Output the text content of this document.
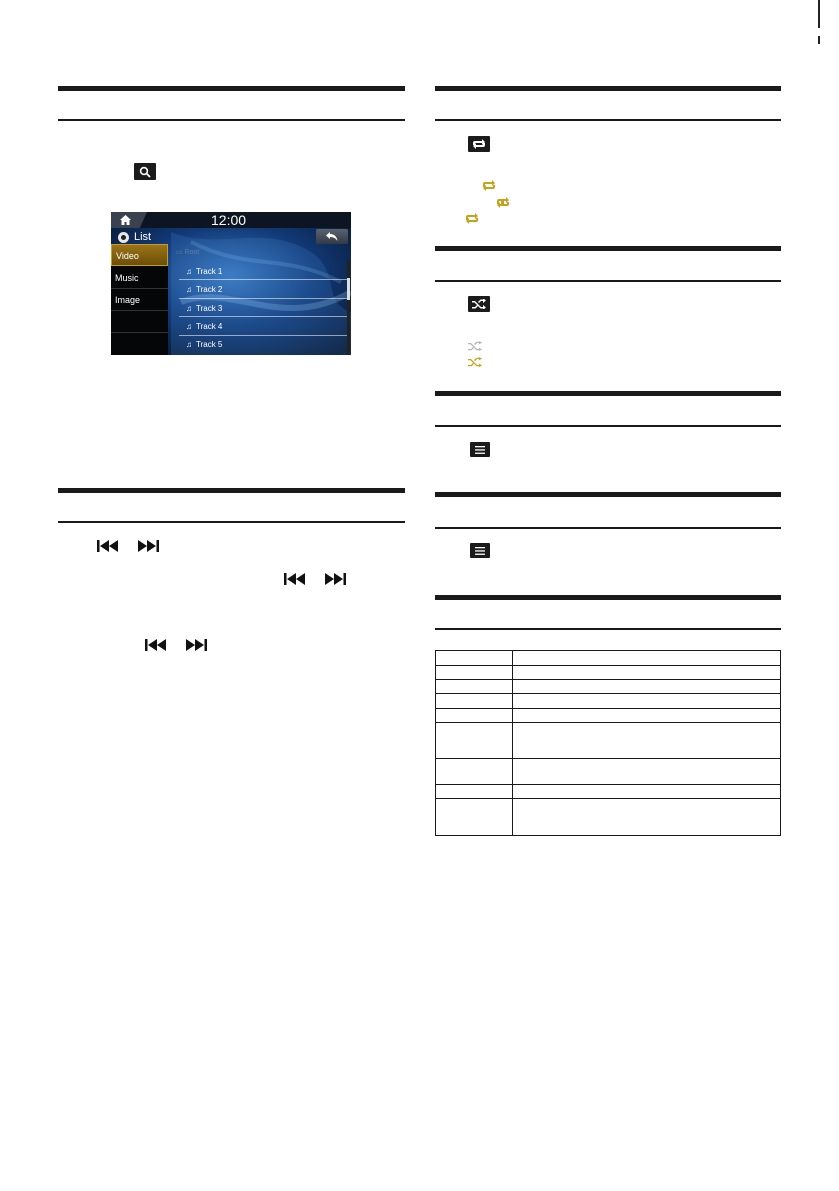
12:00
List
Video
Music
Image
▭ Root
♫ Track 1
♫ Track 2
♫ Track 3
♫ Track 4
♫ Track 5
